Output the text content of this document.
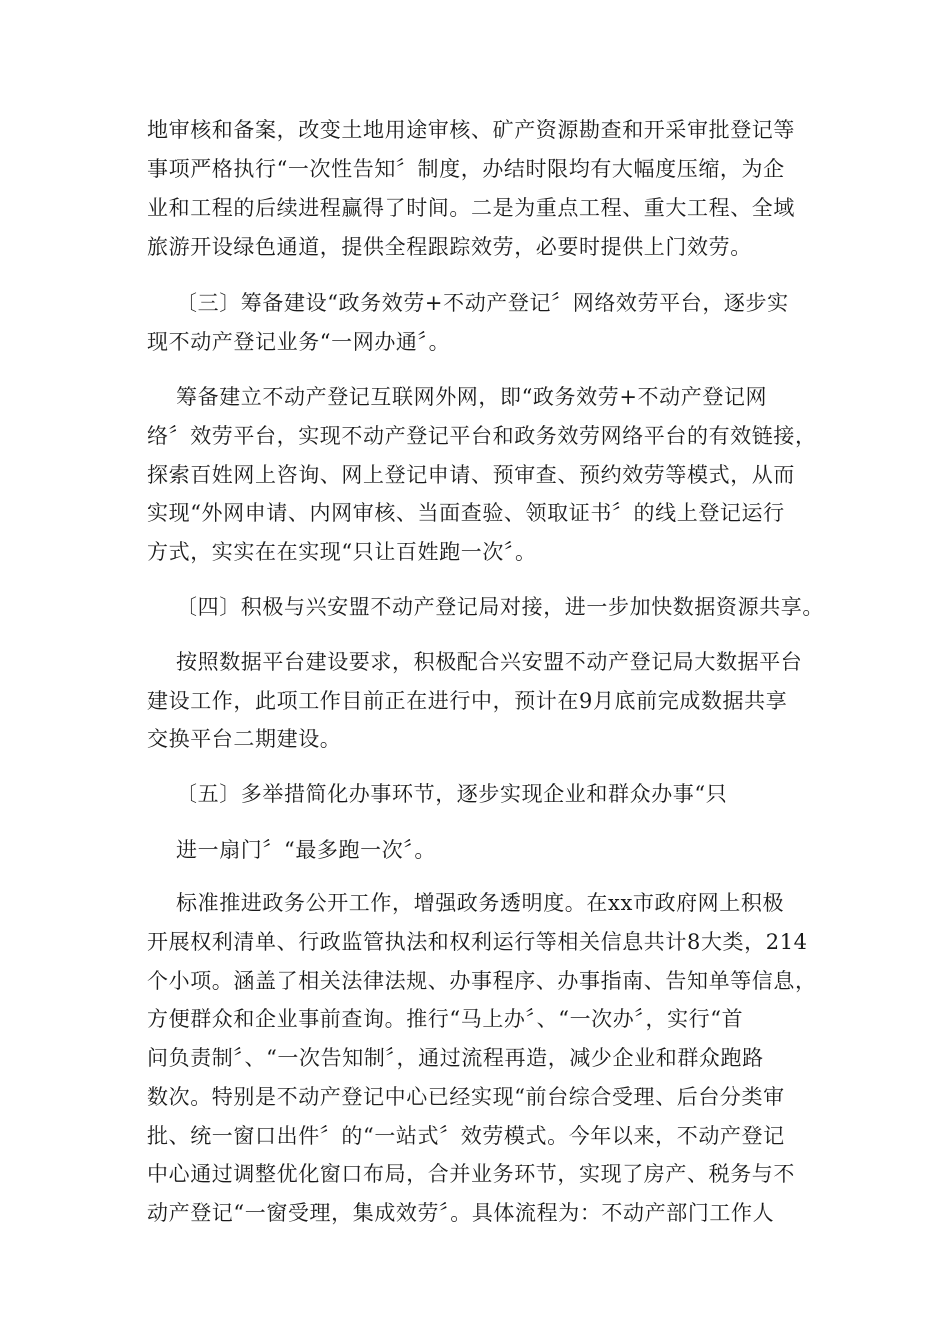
地审核和备案，改变土地用途审核、矿产资源勘查和开采审批登记等
事项严格执行“一次性告知〞制度，办结时限均有大幅度压缩，为企
业和工程的后续进程赢得了时间。二是为重点工程、重大工程、全域
旅游开设绿色通道，提供全程跟踪效劳，必要时提供上门效劳。
〔三〕筹备建设“政务效劳+不动产登记〞网络效劳平台，逐步实
现不动产登记业务“一网办通〞。
筹备建立不动产登记互联网外网，即“政务效劳+不动产登记网
络〞效劳平台，实现不动产登记平台和政务效劳网络平台的有效链接，
探索百姓网上咨询、网上登记申请、预审查、预约效劳等模式，从而
实现“外网申请、内网审核、当面查验、领取证书〞的线上登记运行
方式，实实在在实现“只让百姓跑一次〞。
〔四〕积极与兴安盟不动产登记局对接，进一步加快数据资源共享。
按照数据平台建设要求，积极配合兴安盟不动产登记局大数据平台
建设工作，此项工作目前正在进行中，预计在9月底前完成数据共享
交换平台二期建设。
〔五〕多举措简化办事环节，逐步实现企业和群众办事“只
进一扇门〞“最多跑一次〞。
标准推进政务公开工作，增强政务透明度。在xx市政府网上积极
开展权利清单、行政监管执法和权利运行等相关信息共计8大类，214
个小项。涵盖了相关法律法规、办事程序、办事指南、告知单等信息，
方便群众和企业事前查询。推行“马上办〞、“一次办〞，实行“首
问负责制〞、“一次告知制〞，通过流程再造，减少企业和群众跑路
数次。特别是不动产登记中心已经实现“前台综合受理、后台分类审
批、统一窗口出件〞的“一站式〞效劳模式。今年以来，不动产登记
中心通过调整优化窗口布局，合并业务环节，实现了房产、税务与不
动产登记“一窗受理，集成效劳〞。具体流程为：不动产部门工作人
